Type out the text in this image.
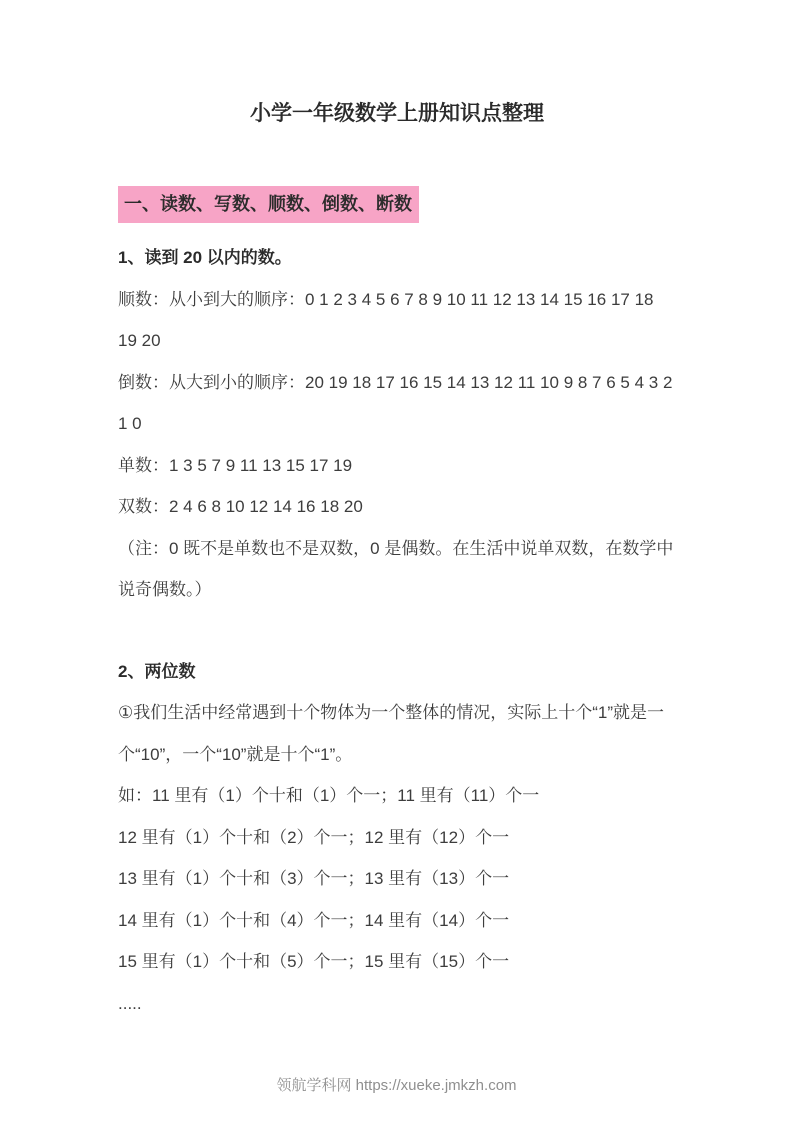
小学一年级数学上册知识点整理
一、读数、写数、顺数、倒数、断数
1、读到 20 以内的数。

顺数：从小到大的顺序：0 1 2 3 4 5 6 7 8 9 10 11 12 13 14 15 16 17 18 19 20

倒数：从大到小的顺序：20 19 18 17 16 15 14 13 12 11 10 9 8 7 6 5 4 3 2 1 0

单数：1 3 5 7 9 11 13 15 17 19

双数：2 4 6 8 10 12 14 16 18 20

（注：0 既不是单数也不是双数，0 是偶数。在生活中说单双数，在数学中说奇偶数。）

2、两位数

①我们生活中经常遇到十个物体为一个整体的情况，实际上十个“1”就是一个“10”，一个“10”就是十个“1”。

如：11 里有（1）个十和（1）个一；11 里有（11）个一

12 里有（1）个十和（2）个一；12 里有（12）个一

13 里有（1）个十和（3）个一；13 里有（13）个一

14 里有（1）个十和（4）个一；14 里有（14）个一

15 里有（1）个十和（5）个一；15 里有（15）个一

.....

领航学科网 https://xueke.jmkzh.com
